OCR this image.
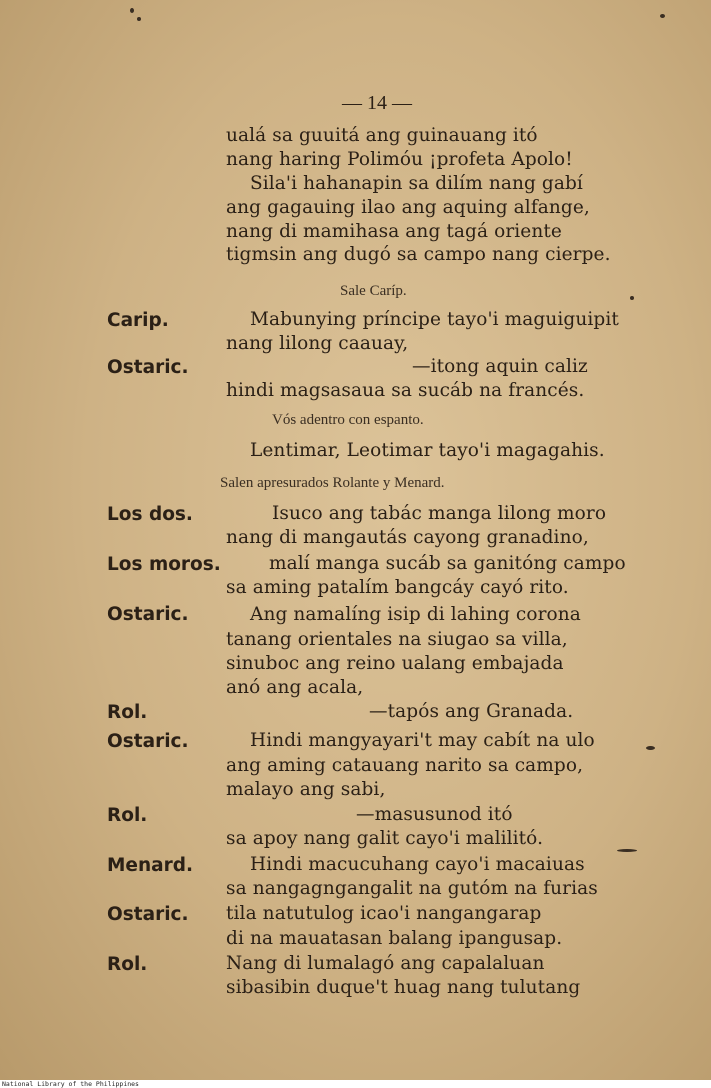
— 14 —
ualá sa guuitá ang guinauang itó
nang haring Polimóu ¡profeta Apolo!
Sila'i hahanapin sa dilím nang gabí
ang gagauing ilao ang aquing alfange,
nang di mamihasa ang tagá oriente
tigmsin ang dugó sa campo nang cierpe.
Sale Caríp.
Carip.	Mabunying príncipe tayo'i maguiguipit
nang lilong caauay,
Ostaric.	—itong aquin caliz
hindi magsasaua sa sucáb na francés.
Vós adentro con espanto.
Lentimar, Leotimar tayo'i magagahis.
Salen apresurados Rolante y Menard.
Los dos.	Isuco ang tabác manga lilong moro
nang di mangautás cayong granadino,
Los moros.	malí manga sucáb sa ganitóng campo
sa aming patalím bangcáy cayó rito.
Ostaric.	Ang namalíng isip di lahing corona
tanang orientales na siugao sa villa,
sinuboc ang reino ualang embajada
anó ang acala,
Rol.	—tapós ang Granada.
Ostaric.	Hindi mangyayari't may cabít na ulo
ang aming catauang narito sa campo,
malayo ang sabi,
Rol.	—masusunod itó
sa apoy nang galit cayo'i malilitó.
Menard.	Hindi macucuhang cayo'i macaiuas
sa nangagngangalit na gutóm na furias
Ostaric. tila natutulog icao'i nangangarap
di na mauatasan balang ipangusap.
Rol.	Nang di lumalagó ang capalaluan
sibasibin duque't huag nang tulutang
National Library of the Philippines
